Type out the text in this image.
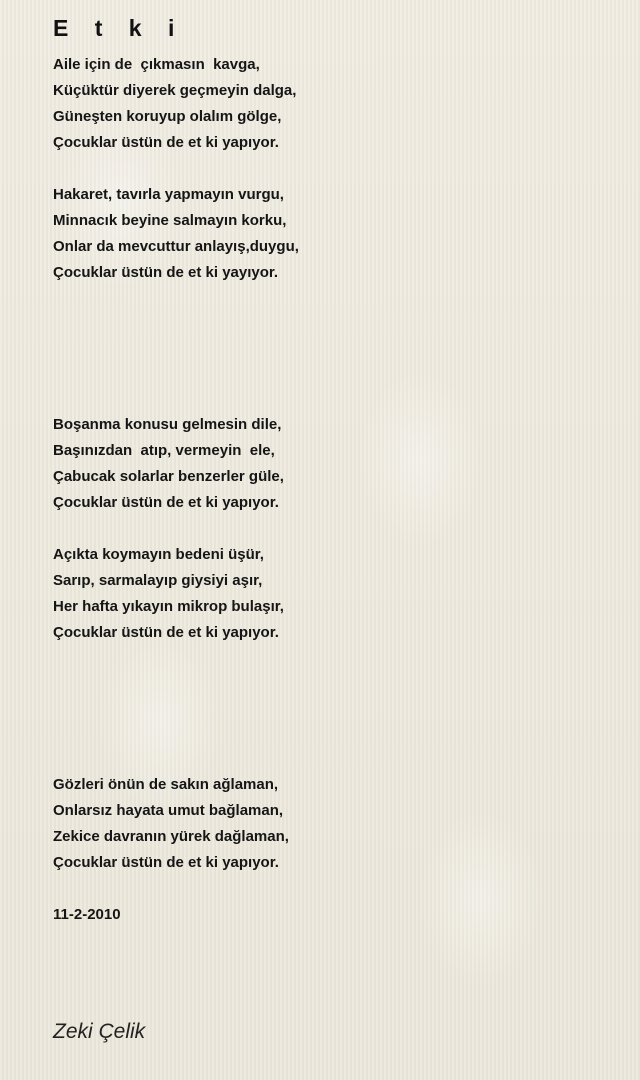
E t k i
Aile için de  çıkmasın  kavga,
Küçüktür diyerek geçmeyin dalga,
Güneşten koruyup olalım gölge,
Çocuklar üstün de et ki yapıyor.
Hakaret, tavırla yapmayın vurgu,
Minnacık beyine salmayın korku,
Onlar da mevcuttur anlayış,duygu,
Çocuklar üstün de et ki yayıyor.
Boşanma konusu gelmesin dile,
Başınızdan  atıp, vermeyin  ele,
Çabucak solarlar benzerler güle,
Çocuklar üstün de et ki yapıyor.
Açıkta koymayın bedeni üşür,
Sarıp, sarmalayıp giysiyi aşır,
Her hafta yıkayın mikrop bulaşır,
Çocuklar üstün de et ki yapıyor.
Gözleri önün de sakın ağlaman,
Onlarsız hayata umut bağlaman,
Zekice davranın yürek dağlaman,
Çocuklar üstün de et ki yapıyor.
11-2-2010
Zeki Çelik
